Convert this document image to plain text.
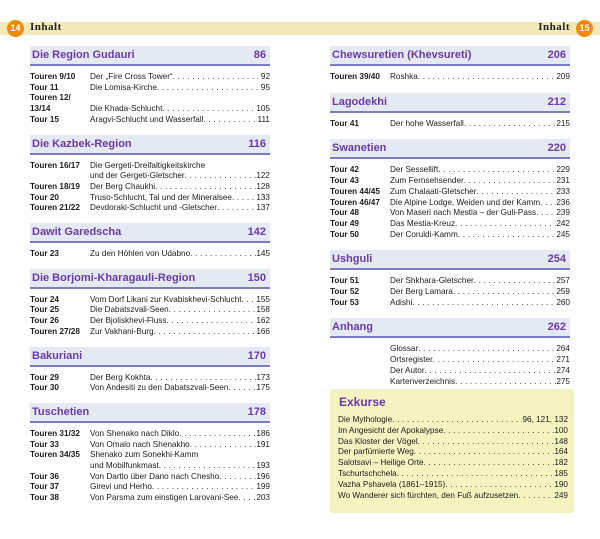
14 Inhalt	Inhalt	15
Die Region Gudauri	86
Touren 9/10	Der „Fire Cross Tower“ . . .	92
Tour 11	Die Lomisa-Kirche . . .	95
Touren 12/
13/14	Die Khada-Schlucht . . .	105
Tour 15	Aragvi-Schlucht und Wasserfall . . .	111
Die Kazbek-Region	116
Touren 16/17	Die Gergeti-Dreifaltigkeitskirche
und der Gergeti-Gletscher . . .	122
Touren 18/19	Der Berg Chaukhi . . .	128
Tour 20	Truso-Schlucht, Tal und der Mineralsee . . .	133
Touren 21/22	Devdoraki-Schlucht und -Gletscher . . .	137
Dawit Garedscha	142
Tour 23	Zu den Höhlen von Udabno . . .	145
Die Borjomi-Kharagauli-Region	150
Tour 24	Vom Dorf Likani zur Kvabiskhevi-Schlucht . . . 155
Tour 25	Die Dabatszvali-Seen . . .	158
Tour 26	Der Bjoliskhevi-Fluss . . .	162
Touren 27/28	Zur Vakhani-Burg . . .	166
Bakuriani	170
Tour 29	Der Berg Kokhta . . .	173
Tour 30	Von Andesiti zu den Dabatszvali-Seen . . .	175
Tuschetien	178
Touren 31/32	Von Shenako nach Diklo . . .	186
Tour 33	Von Omalo nach Shenakho . . .	191
Touren 34/35	Shenako zum Sonekhi-Kamm
und Mobilfunkmast . . .	193
Tour 36	Von Dartlo über Dano nach Chesho . . .	196
Tour 37	Girevi und Herho . . .	199
Tour 38	Von Parsma zum einstigen Larovani-See . . . 203
Chewsuretien (Khevsureti)	206
Touren 39/40	Roshka . . .	209
Lagodekhi	212
Tour 41	Der hohe Wasserfall . . .	215
Swanetien	220
Tour 42	Der Sessellift . . .	229
Tour 43	Zum Fernsehsender . . .	231
Touren 44/45	Zum Chalaati-Gletscher . . .	233
Touren 46/47	Die Alpine Lodge, Weiden und der Kamm . . . 236
Tour 48	Von Maseri nach Mestia – der Guli-Pass . . . 239
Tour 49	Das Mestia-Kreuz . . .	242
Tour 50	Der Coruldi-Kamm . . .	245
Ushguli	254
Tour 51	Der Shkhara-Gletscher . . .	257
Tour 52	Der Berg Lamara . . .	259
Tour 53	Adishi . . .	260
Anhang	262
Glossar . . .	264
Ortsregister . . .	271
Der Autor . . .	274
Kartenverzeichnis . . .	275
Exkurse
Die Mythologie . . .	96, 121, 132
Im Angesicht der Apokalypse . . .	100
Das Kloster der Vögel . . .	148
Der parfümierte Weg . . .	164
Salotsavi – Heilige Orte . . .	182
Tschurtschchela . . .	185
Vazha Pshavela (1861–1915) . . .	190
Wo Wanderer sich fürchten, den Fuß aufzusetzen . . .	249
